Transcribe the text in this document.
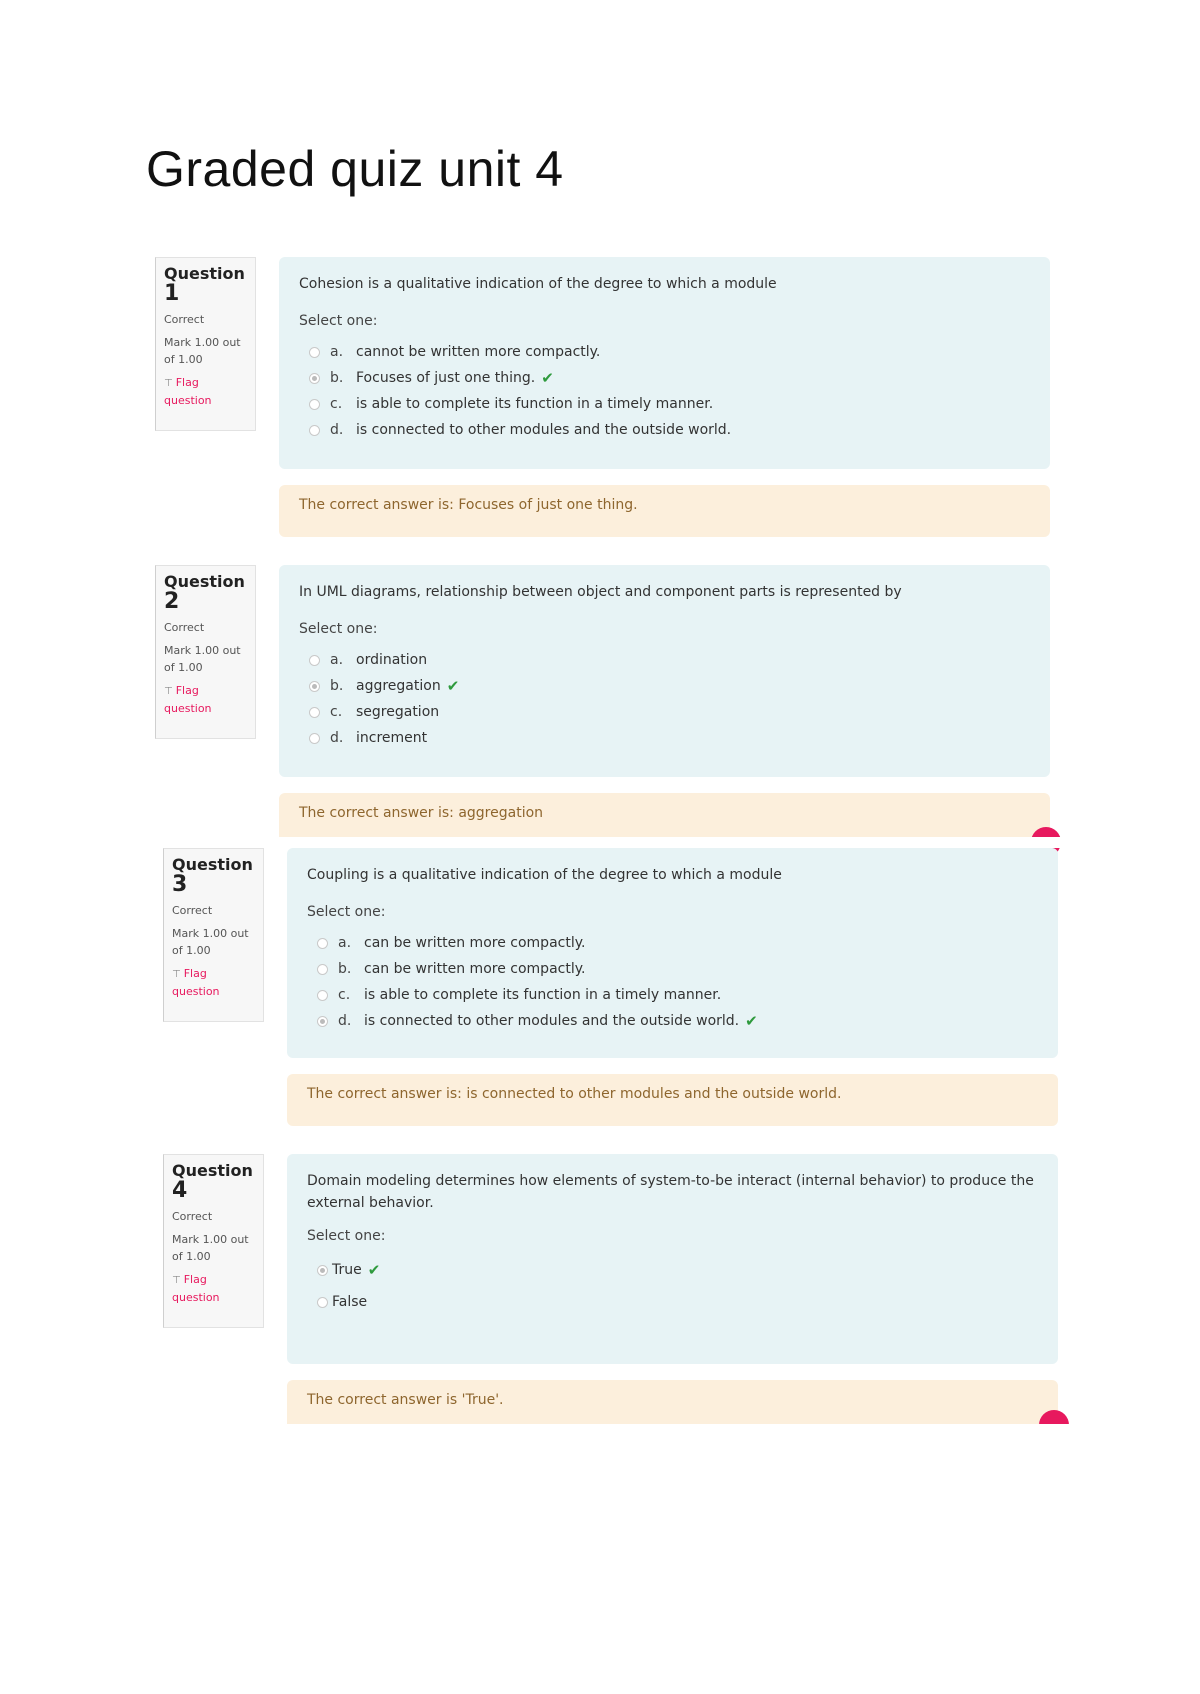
Graded quiz unit 4
Question
1
Correct
Mark 1.00 out
of 1.00
⊤ Flag
question

Cohesion is a qualitative indication of the degree to which a module

Select one:
a. cannot be written more compactly.
b. Focuses of just one thing. ✔
c. is able to complete its function in a timely manner.
d. is connected to other modules and the outside world.
The correct answer is: Focuses of just one thing.
Question
2
Correct
Mark 1.00 out
of 1.00
⊤ Flag
question

In UML diagrams, relationship between object and component parts is represented by

Select one:
a. ordination
b. aggregation ✔
c. segregation
d. increment
The correct answer is: aggregation
Question
3
Correct
Mark 1.00 out
of 1.00
⊤ Flag
question

Coupling is a qualitative indication of the degree to which a module

Select one:
a. can be written more compactly.
b. can be written more compactly.
c. is able to complete its function in a timely manner.
d. is connected to other modules and the outside world. ✔
The correct answer is: is connected to other modules and the outside world.
Question
4
Correct
Mark 1.00 out
of 1.00
⊤ Flag
question

Domain modeling determines how elements of system-to-be interact (internal behavior) to produce the external behavior.

Select one:
True ✔
False
The correct answer is 'True'.
